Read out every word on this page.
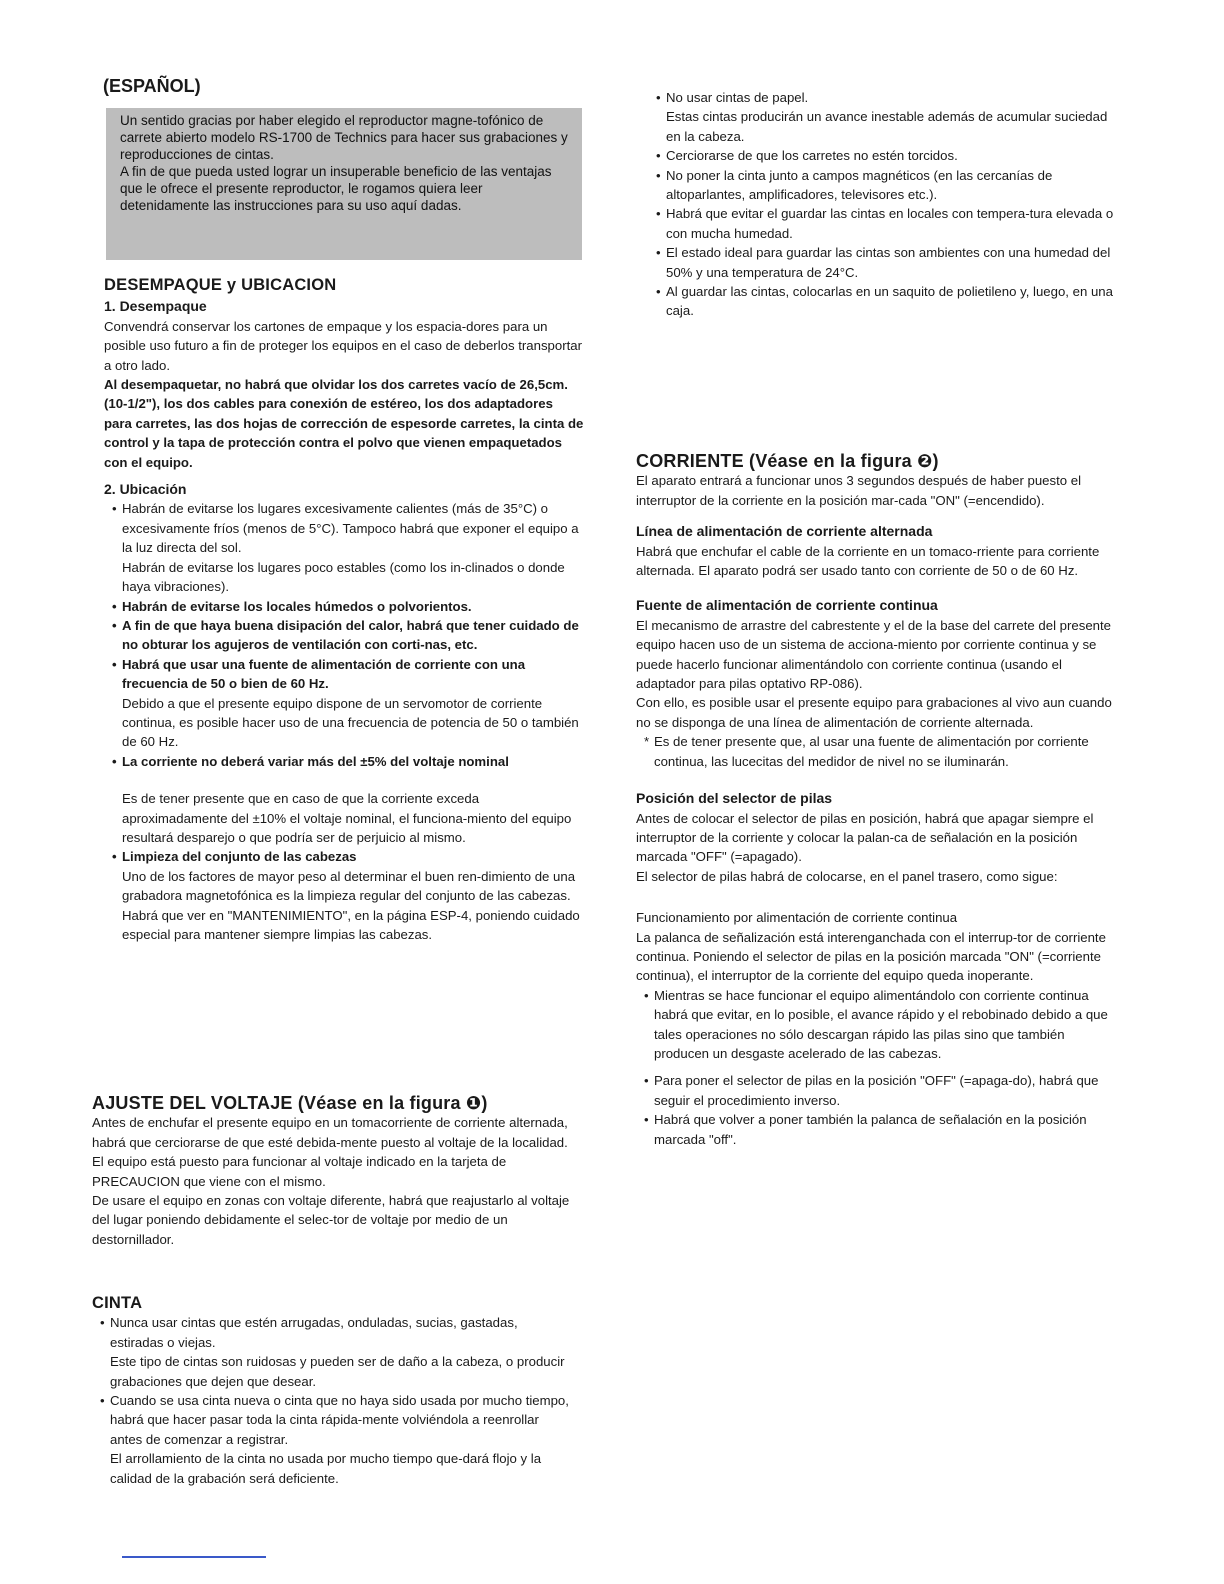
(ESPAÑOL)

Un sentido gracias por haber elegido el reproductor magne-tofónico de carrete abierto modelo RS-1700 de Technics para hacer sus grabaciones y reproducciones de cintas.

A fin de que pueda usted lograr un insuperable beneficio de las ventajas que le ofrece el presente reproductor, le rogamos quiera leer detenidamente las instrucciones para su uso aquí dadas.

DESEMPAQUE y UBICACION

1. Desempaque

Convendrá conservar los cartones de empaque y los espacia-dores para un posible uso futuro a fin de proteger los equipos en el caso de deberlos transportar a otro lado.

Al desempaquetar, no habrá que olvidar los dos carretes vacío de 26,5cm. (10-1/2"), los dos cables para conexión de estéreo, los dos adaptadores para carretes, las dos hojas de corrección de espesorde carretes, la cinta de control y la tapa de protección contra el polvo que vienen empaquetados con el equipo.

2. Ubicación

• Habrán de evitarse los lugares excesivamente calientes (más de 35°C) o excesivamente fríos (menos de 5°C). Tampoco habrá que exponer el equipo a la luz directa del sol.

Habrán de evitarse los lugares poco estables (como los in-clinados o donde haya vibraciones).

• Habrán de evitarse los locales húmedos o polvorientos.

• A fin de que haya buena disipación del calor, habrá que tener cuidado de no obturar los agujeros de ventilación con corti-nas, etc.

• Habrá que usar una fuente de alimentación de corriente con una frecuencia de 50 o bien de 60 Hz.

Debido a que el presente equipo dispone de un servomotor de corriente continua, es posible hacer uso de una frecuencia de potencia de 50 o también de 60 Hz.

• La corriente no deberá variar más del ±5% del voltaje nominal

Es de tener presente que en caso de que la corriente exceda aproximadamente del ±10% el voltaje nominal, el funciona-miento del equipo resultará desparejo o que podría ser de perjuicio al mismo.

• Limpieza del conjunto de las cabezas

Uno de los factores de mayor peso al determinar el buen ren-dimiento de una grabadora magnetofónica es la limpieza regular del conjunto de las cabezas. Habrá que ver en "MANTENIMIENTO", en la página ESP-4, poniendo cuidado especial para mantener siempre limpias las cabezas.

AJUSTE DEL VOLTAJE (Véase en la figura ❶)

Antes de enchufar el presente equipo en un tomacorriente de corriente alternada, habrá que cerciorarse de que esté debida-mente puesto al voltaje de la localidad.

El equipo está puesto para funcionar al voltaje indicado en la tarjeta de PRECAUCION que viene con el mismo.

De usare el equipo en zonas con voltaje diferente, habrá que reajustarlo al voltaje del lugar poniendo debidamente el selec-tor de voltaje por medio de un destornillador.

CINTA

• Nunca usar cintas que estén arrugadas, onduladas, sucias, gastadas, estiradas o viejas.

Este tipo de cintas son ruidosas y pueden ser de daño a la cabeza, o producir grabaciones que dejen que desear.

• Cuando se usa cinta nueva o cinta que no haya sido usada por mucho tiempo, habrá que hacer pasar toda la cinta rápida-mente volviéndola a reenrollar antes de comenzar a registrar.

El arrollamiento de la cinta no usada por mucho tiempo que-dará flojo y la calidad de la grabación será deficiente.

• No usar cintas de papel.

Estas cintas producirán un avance inestable además de acumular suciedad en la cabeza.

• Cerciorarse de que los carretes no estén torcidos.

• No poner la cinta junto a campos magnéticos (en las cercanías de altoparlantes, amplificadores, televisores etc.).

• Habrá que evitar el guardar las cintas en locales con tempera-tura elevada o con mucha humedad.

• El estado ideal para guardar las cintas son ambientes con una humedad del 50% y una temperatura de 24°C.

• Al guardar las cintas, colocarlas en un saquito de polietileno y, luego, en una caja.

CORRIENTE (Véase en la figura ❷)

El aparato entrará a funcionar unos 3 segundos después de haber puesto el interruptor de la corriente en la posición mar-cada "ON" (=encendido).

Línea de alimentación de corriente alternada

Habrá que enchufar el cable de la corriente en un tomaco-rriente para corriente alternada. El aparato podrá ser usado tanto con corriente de 50 o de 60 Hz.

Fuente de alimentación de corriente continua

El mecanismo de arrastre del cabrestente y el de la base del carrete del presente equipo hacen uso de un sistema de acciona-miento por corriente continua y se puede hacerlo funcionar alimentándolo con corriente continua (usando el adaptador para pilas optativo RP-086).

Con ello, es posible usar el presente equipo para grabaciones al vivo aun cuando no se disponga de una línea de alimentación de corriente alternada.

* Es de tener presente que, al usar una fuente de alimentación por corriente continua, las lucecitas del medidor de nivel no se iluminarán.

Posición del selector de pilas

Antes de colocar el selector de pilas en posición, habrá que apagar siempre el interruptor de la corriente y colocar la palan-ca de señalación en la posición marcada "OFF" (=apagado).

El selector de pilas habrá de colocarse, en el panel trasero, como sigue:

Funcionamiento por alimentación de corriente continua

La palanca de señalización está interenganchada con el interrup-tor de corriente continua. Poniendo el selector de pilas en la posición marcada "ON" (=corriente continua), el interruptor de la corriente del equipo queda inoperante.

• Mientras se hace funcionar el equipo alimentándolo con corriente continua habrá que evitar, en lo posible, el avance rápido y el rebobinado debido a que tales operaciones no sólo descargan rápido las pilas sino que también producen un desgaste acelerado de las cabezas.

• Para poner el selector de pilas en la posición "OFF" (=apaga-do), habrá que seguir el procedimiento inverso.

• Habrá que volver a poner también la palanca de señalación en la posición marcada "off".
